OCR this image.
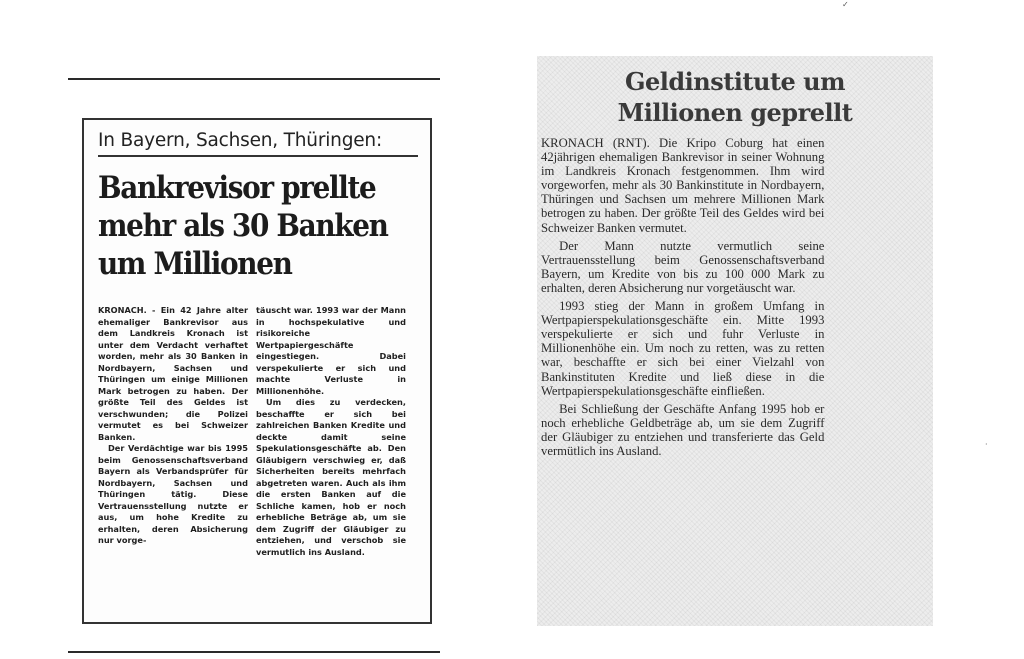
In Bayern, Sachsen, Thüringen:
Bankrevisor prellte mehr als 30 Banken um Millionen

KRONACH. - Ein 42 Jahre alter ehemaliger Bankrevisor aus dem Landkreis Kronach ist unter dem Verdacht verhaftet worden, mehr als 30 Banken in Nordbayern, Sachsen und Thüringen um einige Millionen Mark betrogen zu haben. Der größte Teil des Geldes ist verschwunden; die Polizei vermutet es bei Schweizer Banken.

Der Verdächtige war bis 1995 beim Genossenschaftsverband Bayern als Verbandsprüfer für Nordbayern, Sachsen und Thüringen tätig. Diese Vertrauensstellung nutzte er aus, um hohe Kredite zu erhalten, deren Absicherung nur vorge-

täuscht war. 1993 war der Mann in hochspekulative und risikoreiche Wertpapiergeschäfte eingestiegen. Dabei verspekulierte er sich und machte Verluste in Millionenhöhe.

Um dies zu verdecken, beschaffte er sich bei zahlreichen Banken Kredite und deckte damit seine Spekulationsgeschäfte ab. Den Gläubigern verschwieg er, daß Sicherheiten bereits mehrfach abgetreten waren. Auch als ihm die ersten Banken auf die Schliche kamen, hob er noch erhebliche Beträge ab, um sie dem Zugriff der Gläubiger zu entziehen, und verschob sie vermutlich ins Ausland.

Geldinstitute um
Millionen geprellt

KRONACH (RNT). Die Kripo Coburg hat einen 42jährigen ehemaligen Bankrevisor in seiner Wohnung im Landkreis Kronach festgenommen. Ihm wird vorgeworfen, mehr als 30 Bankinstitute in Nordbayern, Thüringen und Sachsen um mehrere Millionen Mark betrogen zu haben. Der größte Teil des Geldes wird bei Schweizer Banken vermutet.

Der Mann nutzte vermutlich seine Vertrauensstellung beim Genossenschaftsverband Bayern, um Kredite von bis zu 100 000 Mark zu erhalten, deren Absicherung nur vorgetäuscht war.

1993 stieg der Mann in großem Umfang in Wertpapierspekulationsgeschäfte ein. Mitte 1993 verspekulierte er sich und fuhr Verluste in Millionenhöhe ein. Um noch zu retten, was zu retten war, beschaffte er sich bei einer Vielzahl von Bankinstituten Kredite und ließ diese in die Wertpapierspekulationsgeschäfte einfließen.

Bei Schließung der Geschäfte Anfang 1995 hob er noch erhebliche Geldbeträge ab, um sie dem Zugriff der Gläubiger zu entziehen und transferierte das Geld vermütlich ins Ausland.

✓
·
